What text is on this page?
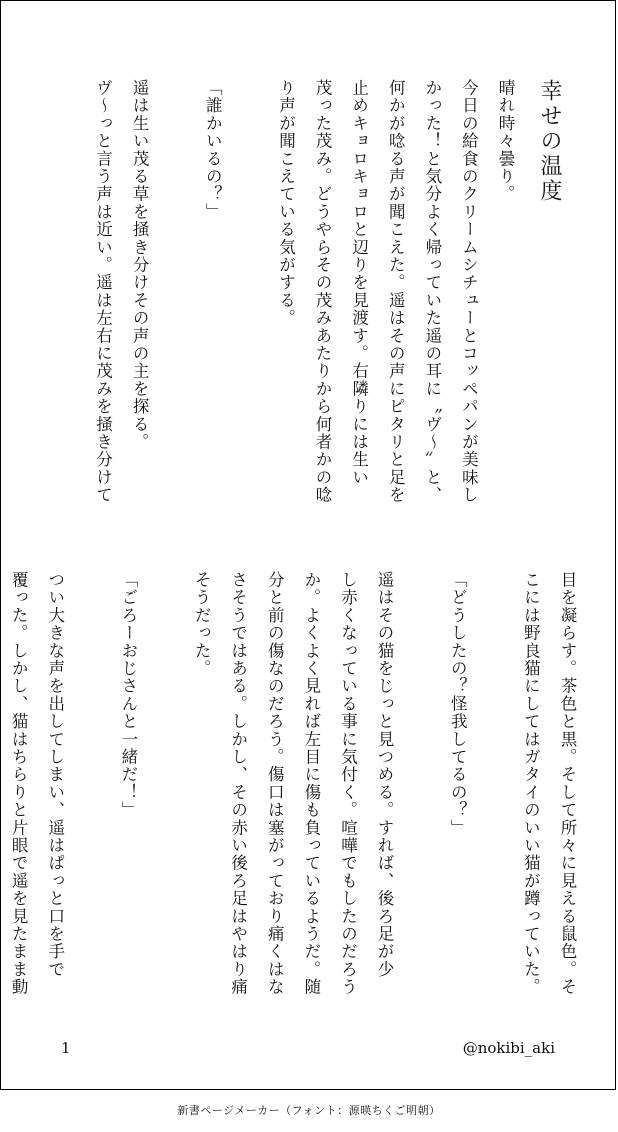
幸せの温度
晴れ時々曇り。
今日の給食のクリームシチューとコッペパンが美味し
かった！と気分よく帰っていた遥の耳に〝ヴ〜〟と、
何かが唸る声が聞こえた。遥はその声にピタリと足を
止めキョロキョロと辺りを見渡す。右隣りには生い
茂った茂み。どうやらその茂みあたりから何者かの唸
り声が聞こえている気がする。

「誰かいるの？」

遥は生い茂る草を掻き分けその声の主を探る。
ヴ〜っと言う声は近い。遥は左右に茂みを掻き分けて
目を凝らす。茶色と黒。そして所々に見える鼠色。そ
こには野良猫にしてはガタイのいい猫が蹲っていた。

「どうしたの？怪我してるの？」

遥はその猫をじっと見つめる。すれば、後ろ足が少
し赤くなっている事に気付く。喧嘩でもしたのだろう
か。よくよく見れば左目に傷も負っているようだ。随
分と前の傷なのだろう。傷口は塞がっており痛くはな
さそうではある。しかし、その赤い後ろ足はやはり痛
そうだった。

「ごろーおじさんと一緒だ！」

つい大きな声を出してしまい、遥はぱっと口を手で
覆った。しかし、猫はちらりと片眼で遥を見たまま動
1	@nokibi_aki
新書ページメーカー（フォント：源暎ちくご明朝）
